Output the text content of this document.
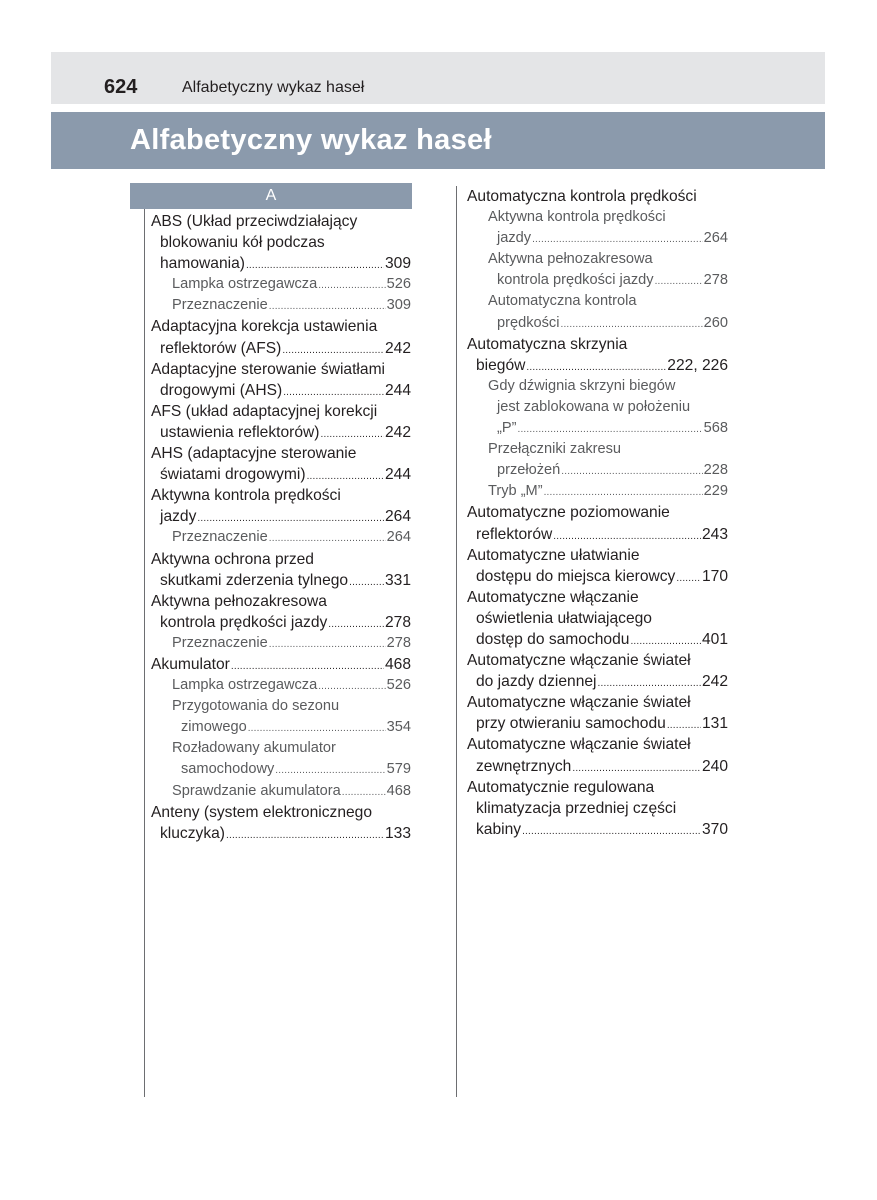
624	Alfabetyczny wykaz haseł
Alfabetyczny wykaz haseł
A
ABS (Układ przeciwdziałający
blokowaniu kół podczas
hamowania) .....	309
Lampka ostrzegawcza .....	526
Przeznaczenie .....	309
Adaptacyjna korekcja ustawienia
reflektorów (AFS) .....	242
Adaptacyjne sterowanie światłami
drogowymi (AHS) .....	244
AFS (układ adaptacyjnej korekcji
ustawienia reflektorów) .....	242
AHS (adaptacyjne sterowanie
światami drogowymi) .....	244
Aktywna kontrola prędkości
jazdy .....	264
Przeznaczenie .....	264
Aktywna ochrona przed
skutkami zderzenia tylnego ..... 331
Aktywna pełnozakresowa
kontrola prędkości jazdy .....	278
Przeznaczenie .....	278
Akumulator .....	468
Lampka ostrzegawcza .....	526
Przygotowania do sezonu
zimowego .....	354
Rozładowany akumulator
samochodowy .....	579
Sprawdzanie akumulatora .....	468
Anteny (system elektronicznego
kluczyka) .....	133
Automatyczna kontrola prędkości
Aktywna kontrola prędkości
jazdy .....	264
Aktywna pełnozakresowa
kontrola prędkości jazdy .....	278
Automatyczna kontrola
prędkości .....	260
Automatyczna skrzynia
biegów .....	222, 226
Gdy dźwignia skrzyni biegów
jest zablokowana w położeniu
„P” .....	568
Przełączniki zakresu
przełożeń .....	228
Tryb „M” .....	229
Automatyczne poziomowanie
reflektorów .....	243
Automatyczne ułatwianie
dostępu do miejsca kierowcy ..... 170
Automatyczne włączanie
oświetlenia ułatwiającego
dostęp do samochodu .....	401
Automatyczne włączanie świateł
do jazdy dziennej .....	242
Automatyczne włączanie świateł
przy otwieraniu samochodu ..... 131
Automatyczne włączanie świateł
zewnętrznych .....	240
Automatycznie regulowana
klimatyzacja przedniej części
kabiny .....	370
